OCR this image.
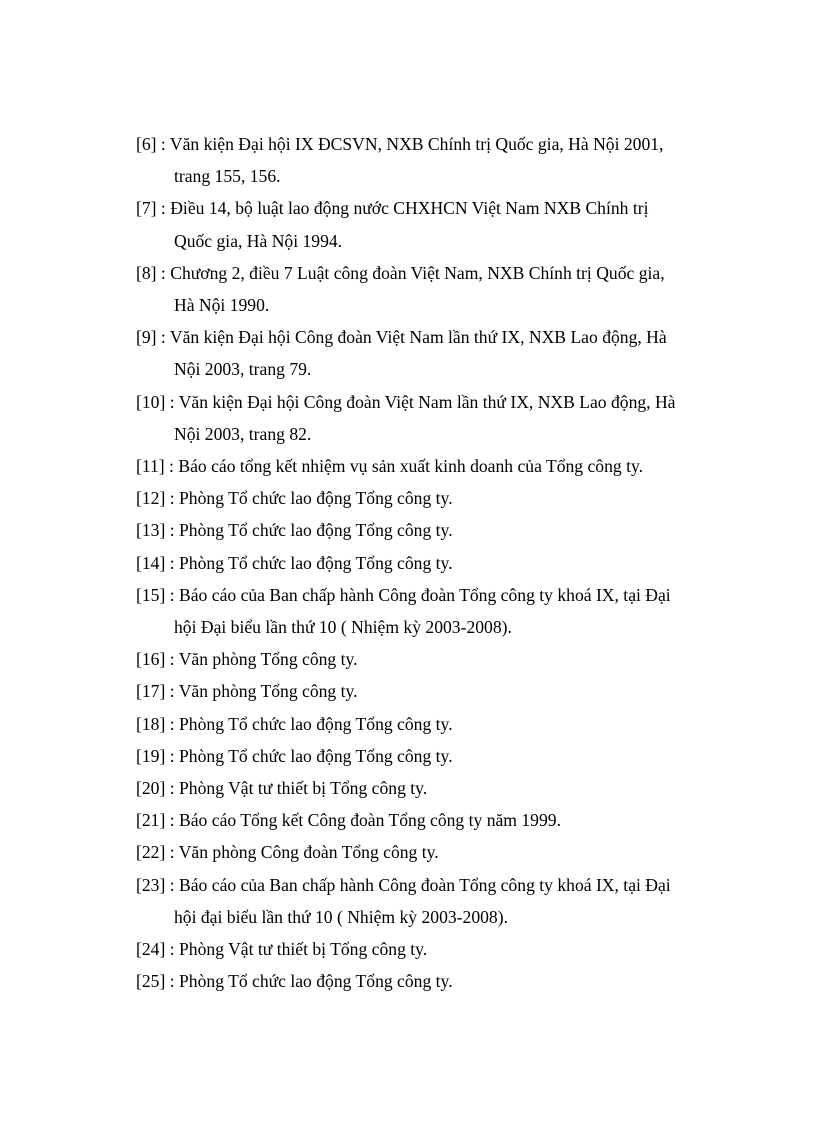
[6] : Văn kiện Đại hội IX ĐCSVN, NXB Chính trị Quốc gia, Hà Nội 2001,
trang 155, 156.
[7] : Điều 14, bộ luật lao động nước CHXHCN Việt Nam NXB Chính trị
Quốc gia, Hà Nội 1994.
[8] : Chương 2, điều 7 Luật công đoàn Việt Nam, NXB Chính trị Quốc gia,
Hà Nội 1990.
[9] : Văn kiện Đại hội Công đoàn Việt Nam lần thứ IX, NXB Lao động, Hà
Nội 2003, trang 79.
[10] : Văn kiện Đại hội Công đoàn Việt Nam lần thứ IX, NXB Lao động, Hà
Nội 2003, trang 82.
[11] : Báo cáo tổng kết nhiệm vụ sản xuất kinh doanh của Tổng công ty.
[12] : Phòng Tổ chức lao động Tổng công ty.
[13] : Phòng Tổ chức lao động Tổng công ty.
[14] : Phòng Tổ chức lao động Tổng công ty.
[15] : Báo cáo của Ban chấp hành Công đoàn Tổng công ty khoá IX, tại Đại
hội Đại biểu lần thứ 10 ( Nhiệm kỳ 2003-2008).
[16] : Văn phòng Tổng công ty.
[17] : Văn phòng Tổng công ty.
[18] : Phòng Tổ chức lao động Tổng công ty.
[19] : Phòng Tổ chức lao động Tổng công ty.
[20] : Phòng Vật tư thiết bị Tổng công ty.
[21] : Báo cáo Tổng kết Công đoàn Tổng công ty năm 1999.
[22] : Văn phòng Công đoàn Tổng công ty.
[23] : Báo cáo của Ban chấp hành Công đoàn Tổng công ty khoá IX, tại Đại
hội đại biểu lần thứ 10 ( Nhiệm kỳ 2003-2008).
[24] : Phòng Vật tư thiết bị Tổng công ty.
[25] : Phòng Tổ chức lao động Tổng công ty.
